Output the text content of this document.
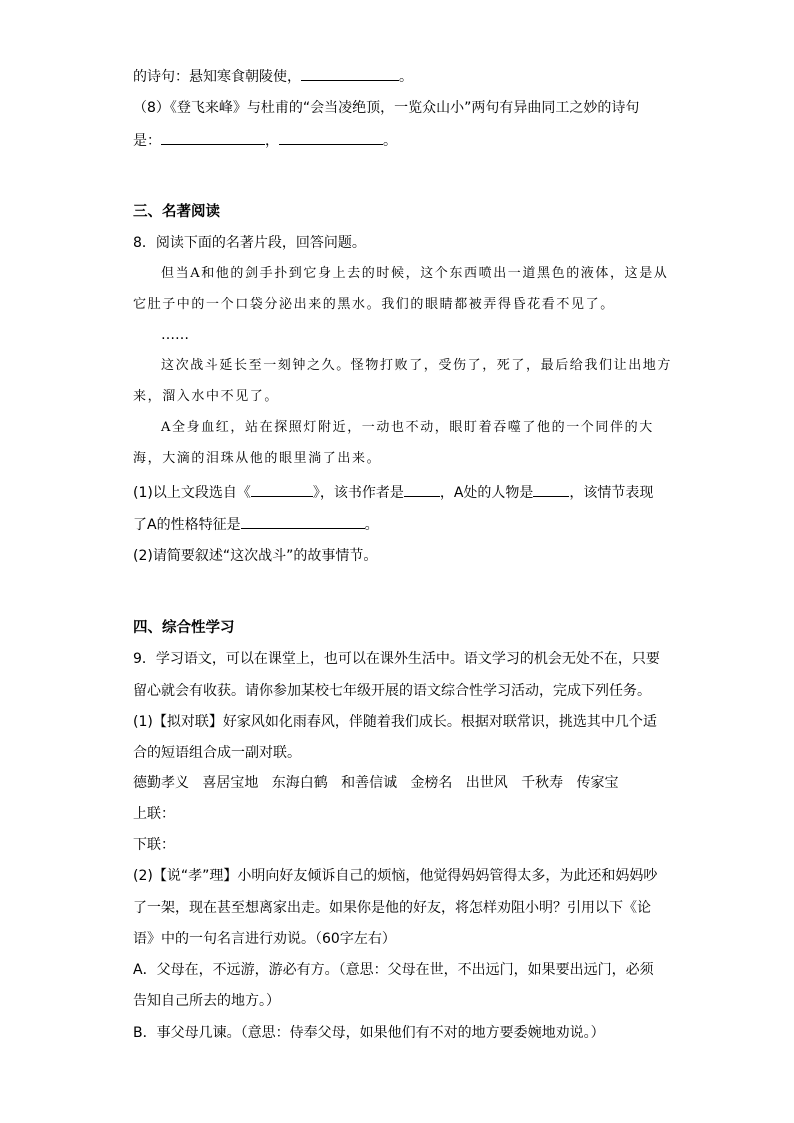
的诗句：悬知寒食朝陵使，	。
（8）《登飞来峰》与杜甫的“会当凌绝顶，一览众山小”两句有异曲同工之妙的诗句
是：	，	。
三、名著阅读
8．阅读下面的名著片段，回答问题。
但当A和他的剑手扑到它身上去的时候，这个东西喷出一道黑色的液体，这是从
它肚子中的一个口袋分泌出来的黑水。我们的眼睛都被弄得昏花看不见了。
……
这次战斗延长至一刻钟之久。怪物打败了，受伤了，死了，最后给我们让出地方
来，溜入水中不见了。
A全身血红，站在探照灯附近，一动也不动，眼盯着吞噬了他的一个同伴的大
海，大滴的泪珠从他的眼里淌了出来。
(1)以上文段选自《	》，该书作者是	，A处的人物是	，该情节表现
了A的性格特征是	。
(2)请简要叙述“这次战斗”的故事情节。
四、综合性学习
9．学习语文，可以在课堂上，也可以在课外生活中。语文学习的机会无处不在，只要
留心就会有收获。请你参加某校七年级开展的语文综合性学习活动，完成下列任务。
(1)【拟对联】好家风如化雨春风，伴随着我们成长。根据对联常识，挑选其中几个适
合的短语组合成一副对联。
德勤孝义 喜居宝地 东海白鹤 和善信诚 金榜名 出世风 千秋寿 传家宝
上联：
下联：
(2)【说“孝”理】小明向好友倾诉自己的烦恼，他觉得妈妈管得太多，为此还和妈妈吵
了一架，现在甚至想离家出走。如果你是他的好友，将怎样劝阻小明？引用以下《论
语》中的一句名言进行劝说。（60字左右）
A．父母在，不远游，游必有方。（意思：父母在世，不出远门，如果要出远门，必须
告知自己所去的地方。）
B．事父母几谏。（意思：侍奉父母，如果他们有不对的地方要委婉地劝说。）
